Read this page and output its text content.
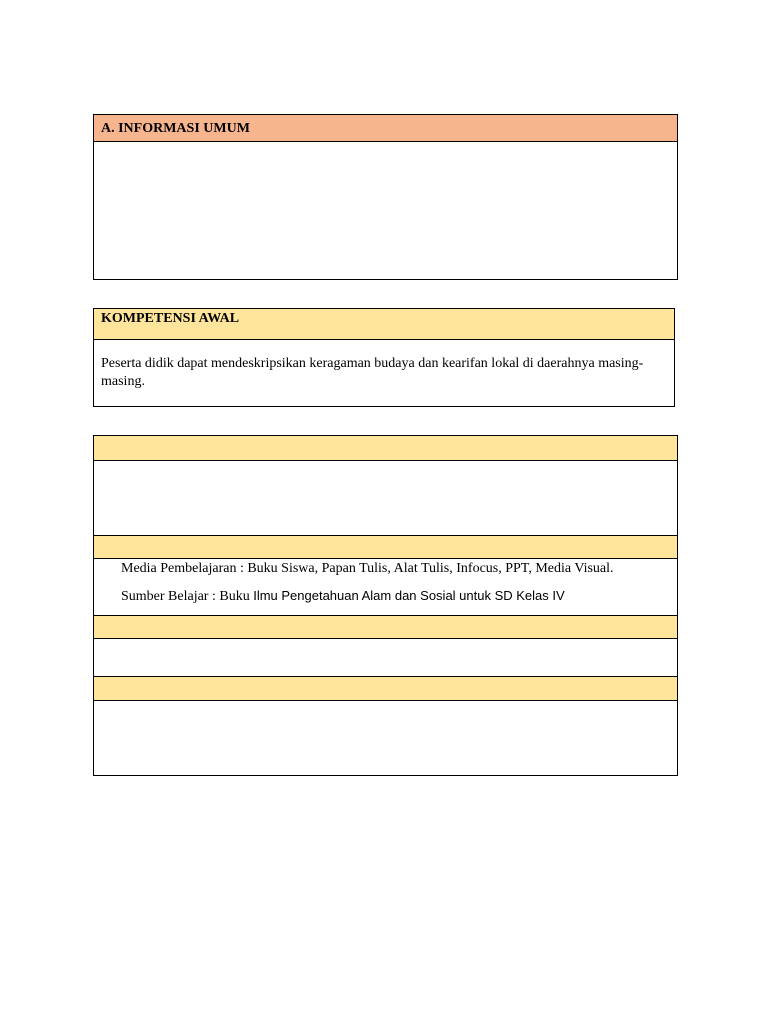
A. INFORMASI UMUM
KOMPETENSI AWAL
Peserta didik dapat mendeskripsikan keragaman budaya dan kearifan lokal di daerahnya masing-masing.
Media Pembelajaran : Buku Siswa, Papan Tulis, Alat Tulis, Infocus, PPT, Media Visual.
Sumber Belajar : Buku Ilmu Pengetahuan Alam dan Sosial untuk SD Kelas IV
